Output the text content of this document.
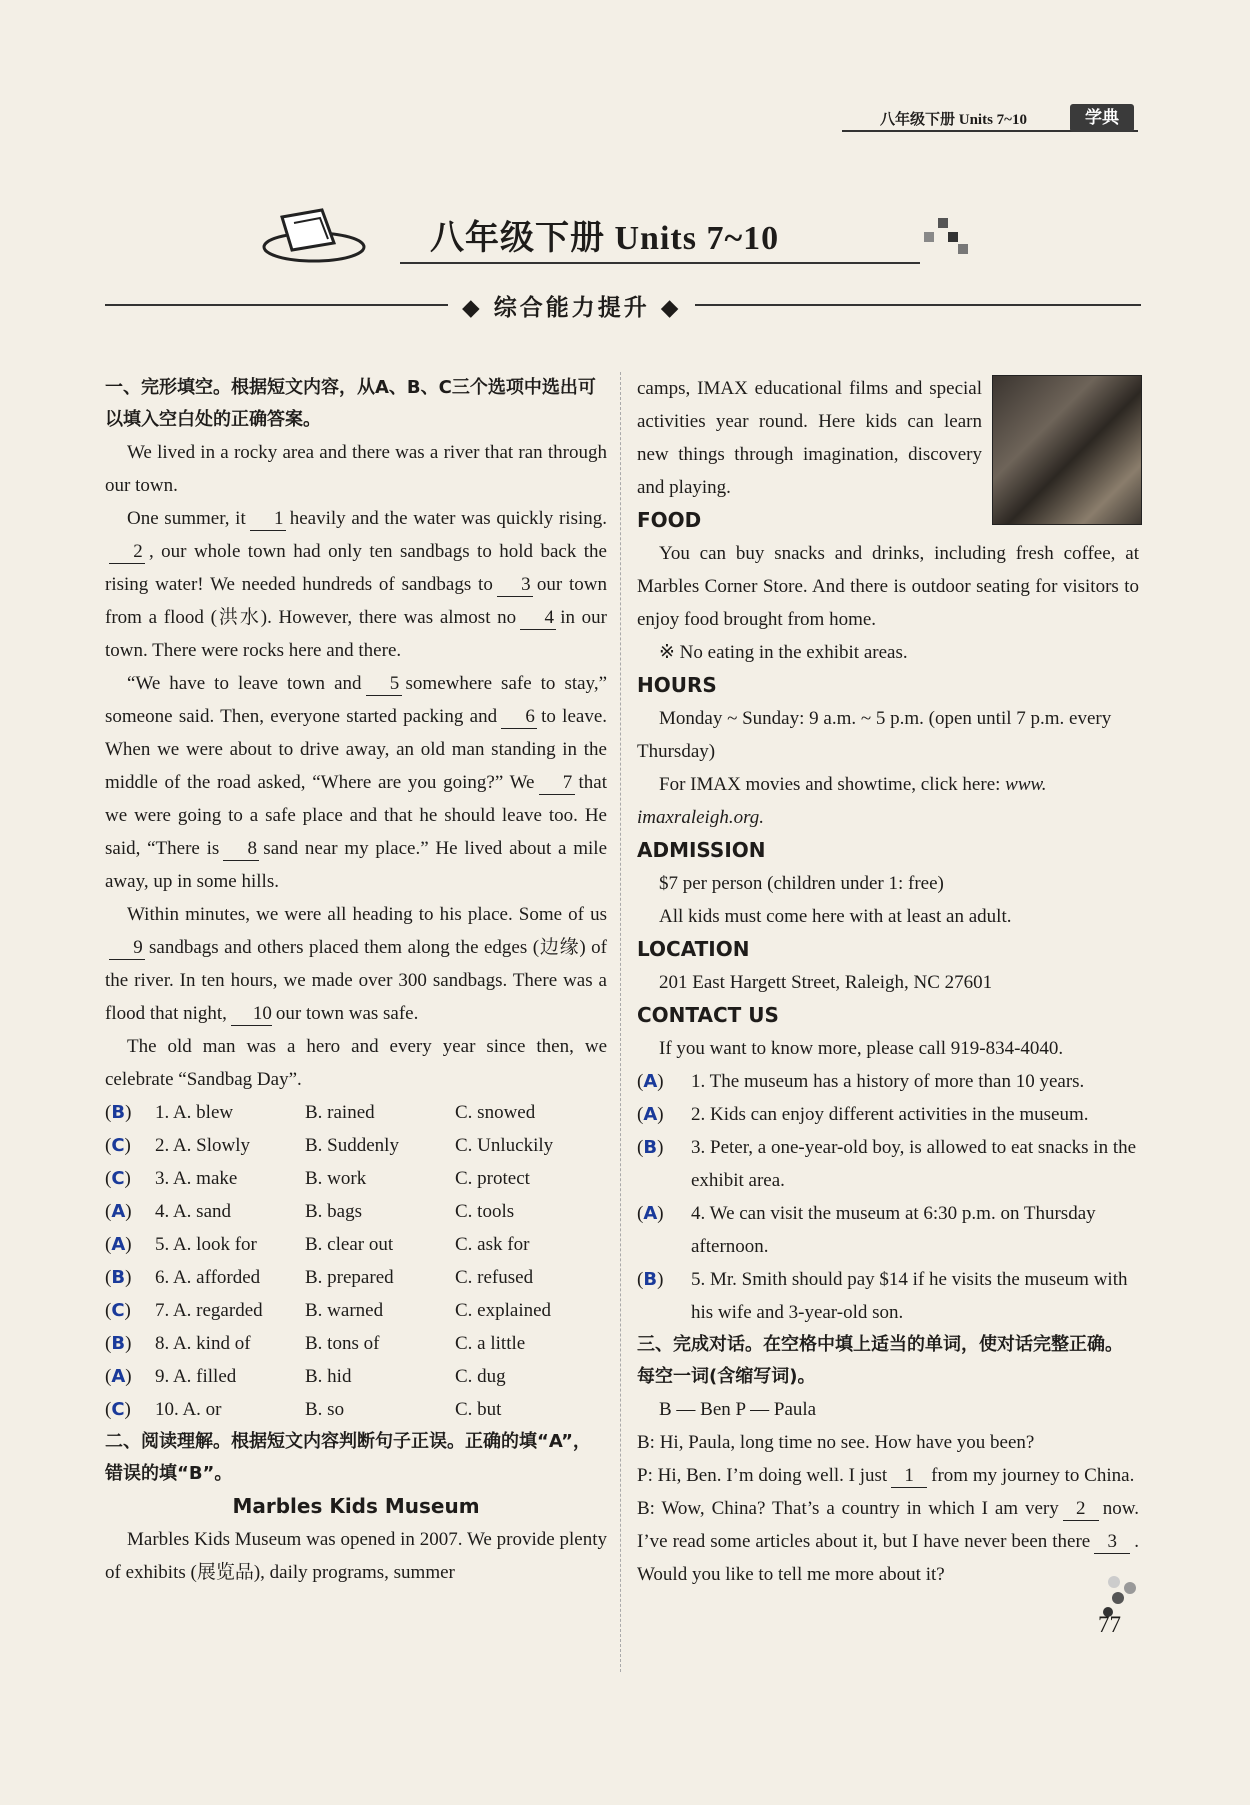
八年级下册 Units 7~10	学典
八年级下册 Units 7~10
◆ 综合能力提升 ◆

一、完形填空。根据短文内容，从A、B、C三个选项中选出可以填入空白处的正确答案。

We lived in a rocky area and there was a river that ran through our town.

One summer, it 1 heavily and the water was quickly rising.2 , our whole town had only ten sandbags to hold back the rising water! We needed hundreds of sandbags to 3 our town from a flood (洪水). However, there was almost no 4 in our town. There were rocks here and there.

“We have to leave town and 5 somewhere safe to stay,” someone said. Then, everyone started packing and 6 to leave. When we were about to drive away, an old man standing in the middle of the road asked, “Where are you going?” We 7 that we were going to a safe place and that he should leave too. He said, “There is 8 sand near my place.” He lived about a mile away, up in some hills.

Within minutes, we were all heading to his place. Some of us9 sandbags and others placed them along the edges (边缘) of the river. In ten hours, we made over 300 sandbags. There was a flood that night, 10 our town was safe.

The old man was a hero and every year since then, we celebrate “Sandbag Day”.

(B)	1. A. blew	B. rained	C. snowed
(C)	2. A. Slowly	B. Suddenly	C. Unluckily
(C)	3. A. make	B. work	C. protect
(A)	4. A. sand	B. bags	C. tools
(A)	5. A. look for	B. clear out	C. ask for
(B)	6. A. afforded	B. prepared	C. refused
(C)	7. A. regarded	B. warned	C. explained
(B)	8. A. kind of	B. tons of	C. a little
(A)	9. A. filled	B. hid	C. dug
(C)	10. A. or	B. so	C. but

二、阅读理解。根据短文内容判断句子正误。正确的填“A”，错误的填“B”。

Marbles Kids Museum

Marbles Kids Museum was opened in 2007. We provide plenty of exhibits (展览品), daily programs, summer

camps, IMAX educational films and special activities year round. Here kids can learn new things through imagination, discovery and playing.

FOOD

You can buy snacks and drinks, including fresh coffee, at Marbles Corner Store. And there is outdoor seating for visitors to enjoy food brought from home.

※ No eating in the exhibit areas.

HOURS

Monday ~ Sunday: 9 a.m. ~ 5 p.m. (open until 7 p.m. every Thursday)

For IMAX movies and showtime, click here: www. imaxraleigh.org.

ADMISSION

$7 per person (children under 1: free)

All kids must come here with at least an adult.

LOCATION

201 East Hargett Street, Raleigh, NC 27601

CONTACT US

If you want to know more, please call 919-834-4040.

(A)	1. The museum has a history of more than 10 years.
(A)	2. Kids can enjoy different activities in the museum.
(B)	3. Peter, a one-year-old boy, is allowed to eat snacks in the exhibit area.
(A)	4. We can visit the museum at 6:30 p.m. on Thursday afternoon.
(B)	5. Mr. Smith should pay $14 if he visits the museum with his wife and 3-year-old son.

三、完成对话。在空格中填上适当的单词，使对话完整正确。每空一词(含缩写词)。

B — Ben P — Paula

B: Hi, Paula, long time no see. How have you been?

P: Hi, Ben. I’m doing well. I just 1 from my journey to China.

B: Wow, China? That’s a country in which I am very 2 now. I’ve read some articles about it, but I have never been there 3 . Would you like to tell me more about it?

77
